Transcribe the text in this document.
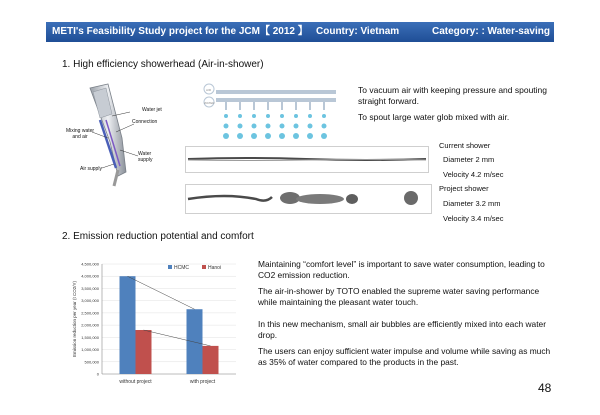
METI's Feasibility Study project for the JCM【 2012 】 Country: Vietnam	Category: : Water-saving
1. High efficiency showerhead (Air-in-shower)
Water jet
Connection
Mixing water
and air
Water
supply
Air supply
AIR
WATER
To vacuum air with keeping pressure and spouting straight forward.
To spout large water glob mixed with air.
Current shower
Diameter 2 mm
Velocity 4.2 m/sec
Project shower
Diameter 3.2 mm
Velocity 3.4 m/sec
2. Emission reduction potential and comfort
0
500,000
1,000,000
1,500,000
2,000,000
2,500,000
3,000,000
3,500,000
4,000,000
4,500,000
without project	with project
HCMC	Hanoi
Emission reduction per year (t CO2/Y)
Maintaining “comfort level” is important to save water consumption, leading to CO2 emission reduction.
The air-in-shower by TOTO enabled the supreme water saving performance while maintaining the pleasant water touch.
In this new mechanism, small air bubbles are efficiently mixed into each water drop.
The users can enjoy sufficient water impulse and volume while saving as much as 35% of water compared to the products in the past.
48
